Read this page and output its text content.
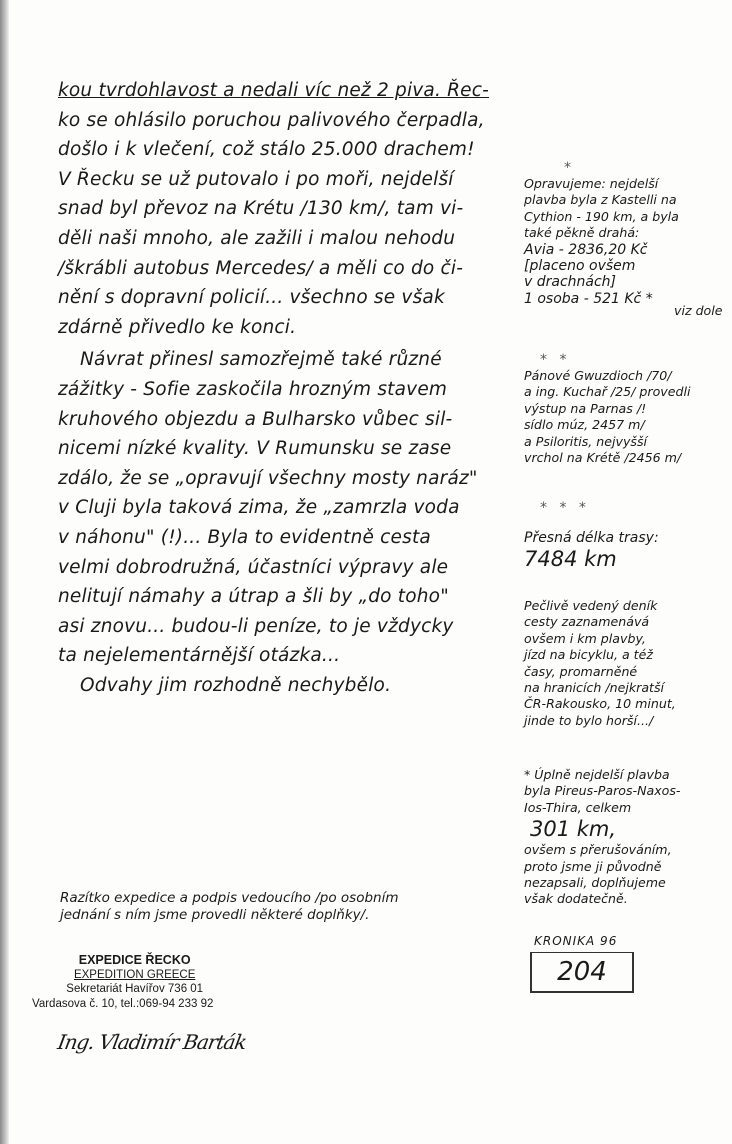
kou tvrdohlavost a nedali víc než 2 piva. Řec-
ko se ohlásilo poruchou palivového čerpadla,
došlo i k vlečení, což stálo 25.000 drachem!
V Řecku se už putovalo i po moři, nejdelší
snad byl převoz na Krétu /130 km/, tam vi-
děli naši mnoho, ale zažili i malou nehodu
/škrábli autobus Mercedes/ a měli co do či-
nění s dopravní policií... všechno se však
zdárně přivedlo ke konci.
Návrat přinesl samozřejmě také různé
zážitky - Sofie zaskočila hrozným stavem
kruhového objezdu a Bulharsko vůbec sil-
nicemi nízké kvality. V Rumunsku se zase
zdálo, že se „opravují všechny mosty naráz"
v Cluji byla taková zima, že „zamrzla voda
v náhonu" (!)... Byla to evidentně cesta
velmi dobrodružná, účastníci výpravy ale
nelitují námahy a útrap a šli by „do toho"
asi znovu... budou-li peníze, to je vždycky
ta nejelementárnější otázka...
Odvahy jim rozhodně nechybělo.
*
Opravujeme: nejdelší
plavba byla z Kastelli na
Cythion - 190 km, a byla
také pěkně drahá:
Avia - 2836,20 Kč
[placeno ovšem
v drachnách]
1 osoba - 521 Kč *
viz dole
* *
Pánové Gwuzdioch /70/
a ing. Kuchař /25/ provedli
výstup na Parnas /!
sídlo múz, 2457 m/
a Psiloritis, nejvyšší
vrchol na Krétě /2456 m/
* * *
Přesná délka trasy:
7484 km
Pečlivě vedený deník
cesty zaznamenává
ovšem i km plavby,
jízd na bicyklu, a též
časy, promarněné
na hranicích /nejkratší
ČR-Rakousko, 10 minut,
jinde to bylo horší.../
* Úplně nejdelší plavba
byla Pireus-Paros-Naxos-
Ios-Thira, celkem
301 km,
ovšem s přerušováním,
proto jsme ji původně
nezapsali, doplňujeme
však dodatečně.
Razítko expedice a podpis vedoucího /po osobním
jednání s ním jsme provedli některé doplňky/.
EXPEDICE ŘECKO
EXPEDITION GREECE
Sekretariát Havířov 736 01
Vardasova č. 10, tel.:069-94 233 92
Ing. Vladimír Barták
KRONIKA 96
204
